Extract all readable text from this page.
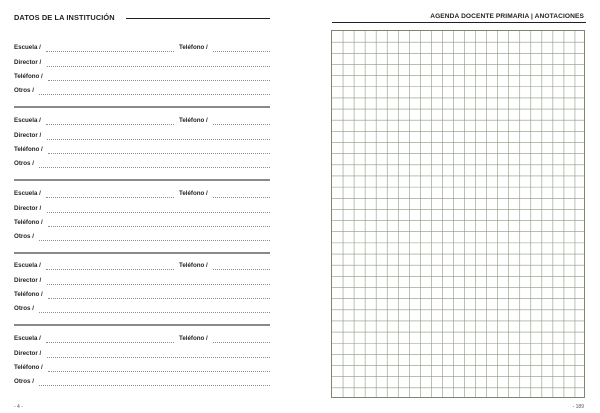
DATOS DE LA INSTITUCIÓN
Escuela /	Teléfono /
Director /
Teléfono /
Otros /
Escuela /	Teléfono /
Director /
Teléfono /
Otros /
Escuela /	Teléfono /
Director /
Teléfono /
Otros /
Escuela /	Teléfono /
Director /
Teléfono /
Otros /
Escuela /	Teléfono /
Director /
Teléfono /
Otros /
- 4 -
AGENDA DOCENTE PRIMARIA | ANOTACIONES
- 189
